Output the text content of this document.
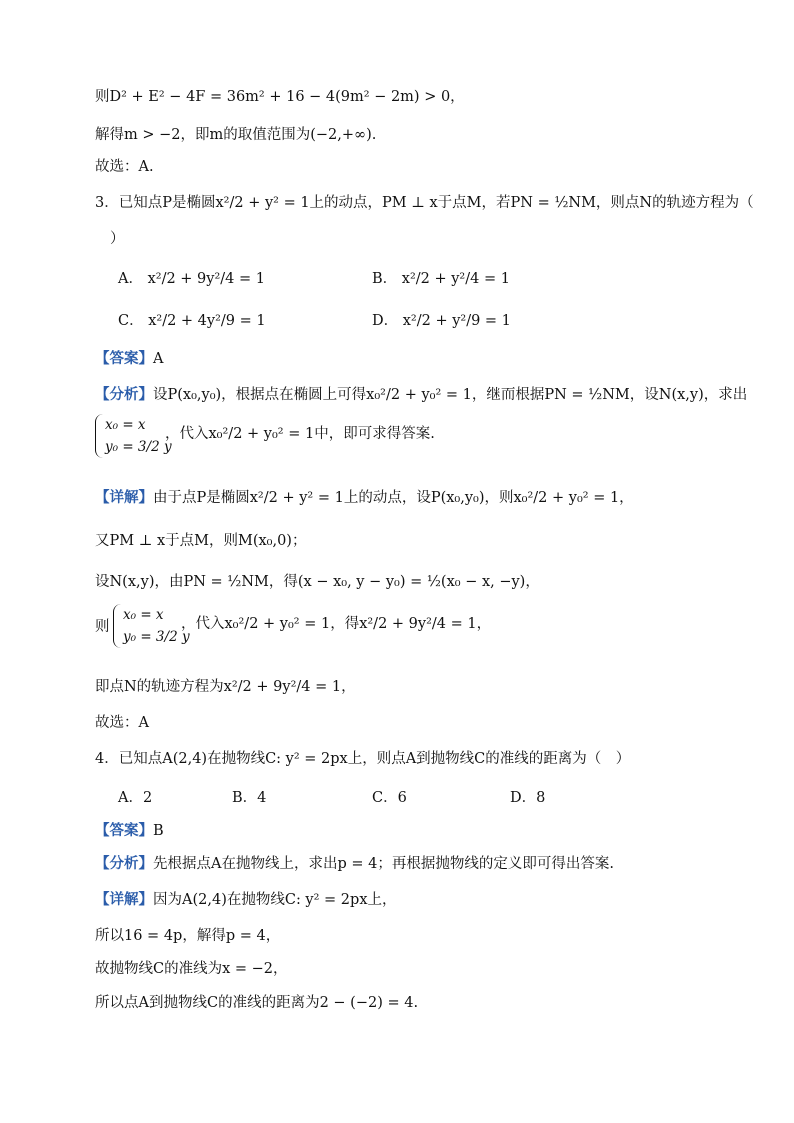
则D² + E² − 4F = 36m² + 16 − 4(9m² − 2m) > 0，
解得m > −2，即m的取值范围为(−2,+∞).
故选：A.
3．已知点P是椭圆x²/2 + y² = 1上的动点，PM ⊥ x于点M，若PN = ½NM，则点N的轨迹方程为（
）
A． x²/2 + 9y²/4 = 1	B． x²/2 + y²/4 = 1
C． x²/2 + 4y²/9 = 1	D． x²/2 + y²/9 = 1
【答案】A
【分析】设P(x₀,y₀)，根据点在椭圆上可得x₀²/2 + y₀² = 1，继而根据PN = ½NM，设N(x,y)，求出
x₀ = x
y₀ = 3/2 y
，代入x₀²/2 + y₀² = 1中，即可求得答案.
【详解】由于点P是椭圆x²/2 + y² = 1上的动点，设P(x₀,y₀)，则x₀²/2 + y₀² = 1，
又PM ⊥ x于点M，则M(x₀,0)；
设N(x,y)，由PN = ½NM，得(x − x₀, y − y₀) = ½(x₀ − x, −y)，
则
x₀ = x
y₀ = 3/2 y
，代入x₀²/2 + y₀² = 1，得x²/2 + 9y²/4 = 1，
即点N的轨迹方程为x²/2 + 9y²/4 = 1，
故选：A
4．已知点A(2,4)在抛物线C: y² = 2px上，则点A到抛物线C的准线的距离为（　）
A．2	B．4	C．6	D．8
【答案】B
【分析】先根据点A在抛物线上，求出p = 4；再根据抛物线的定义即可得出答案.
【详解】因为A(2,4)在抛物线C: y² = 2px上，
所以16 = 4p，解得p = 4，
故抛物线C的准线为x = −2，
所以点A到抛物线C的准线的距离为2 − (−2) = 4.
